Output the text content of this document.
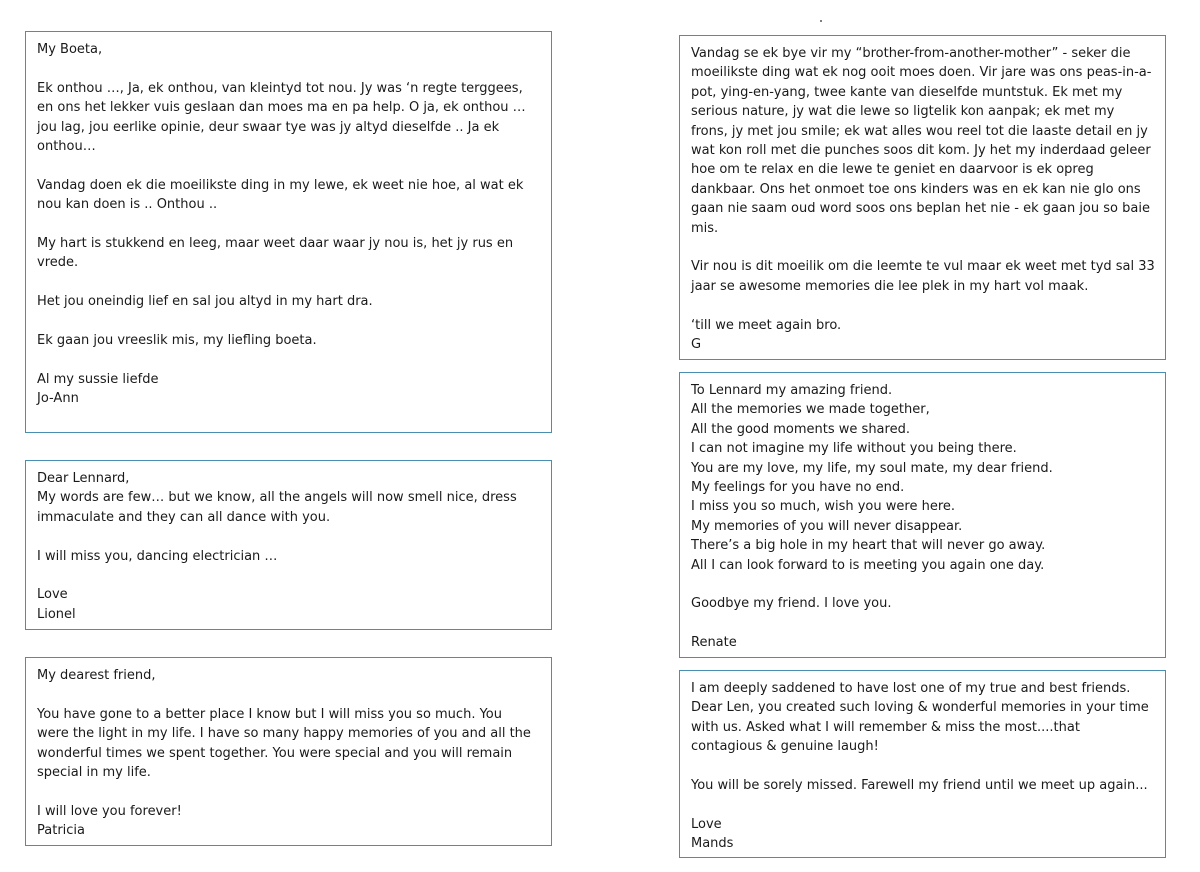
My Boeta,

Ek onthou …, Ja, ek onthou, van kleintyd tot nou. Jy was ‘n regte terggees,

en ons het lekker vuis geslaan dan moes ma en pa help. O ja, ek onthou …

jou lag, jou eerlike opinie, deur swaar tye was jy altyd dieselfde .. Ja ek

onthou…

Vandag doen ek die moeilikste ding in my lewe, ek weet nie hoe, al wat ek

nou kan doen is .. Onthou ..

My hart is stukkend en leeg, maar weet daar waar jy nou is, het jy rus en

vrede.

Het jou oneindig lief en sal jou altyd in my hart dra.

Ek gaan jou vreeslik mis, my liefling boeta.

Al my sussie liefde

Jo-Ann

Dear Lennard,

My words are few… but we know, all the angels will now smell nice, dress

immaculate and they can all dance with you.

I will miss you, dancing electrician …

Love

Lionel

My dearest friend,

You have gone to a better place I know but I will miss you so much. You

were the light in my life. I have so many happy memories of you and all the

wonderful times we spent together. You were special and you will remain

special in my life.

I will love you forever!

Patricia

Vandag se ek bye vir my “brother-from-another-mother” - seker die

moeilikste ding wat ek nog ooit moes doen. Vir jare was ons peas-in-a-

pot, ying-en-yang, twee kante van dieselfde muntstuk. Ek met my

serious nature, jy wat die lewe so ligtelik kon aanpak; ek met my

frons, jy met jou smile; ek wat alles wou reel tot die laaste detail en jy

wat kon roll met die punches soos dit kom. Jy het my inderdaad geleer

hoe om te relax en die lewe te geniet en daarvoor is ek opreg

dankbaar. Ons het onmoet toe ons kinders was en ek kan nie glo ons

gaan nie saam oud word soos ons beplan het nie - ek gaan jou so baie

mis.

Vir nou is dit moeilik om die leemte te vul maar ek weet met tyd sal 33

jaar se awesome memories die lee plek in my hart vol maak.

‘till we meet again bro.

G

To Lennard my amazing friend.

All the memories we made together,

All the good moments we shared.

I can not imagine my life without you being there.

You are my love, my life, my soul mate, my dear friend.

My feelings for you have no end.

I miss you so much, wish you were here.

My memories of you will never disappear.

There’s a big hole in my heart that will never go away.

All I can look forward to is meeting you again one day.

Goodbye my friend. I love you.

Renate

I am deeply saddened to have lost one of my true and best friends.

Dear Len, you created such loving & wonderful memories in your time

with us. Asked what I will remember & miss the most....that

contagious & genuine laugh!

You will be sorely missed. Farewell my friend until we meet up again...

Love

Mands
